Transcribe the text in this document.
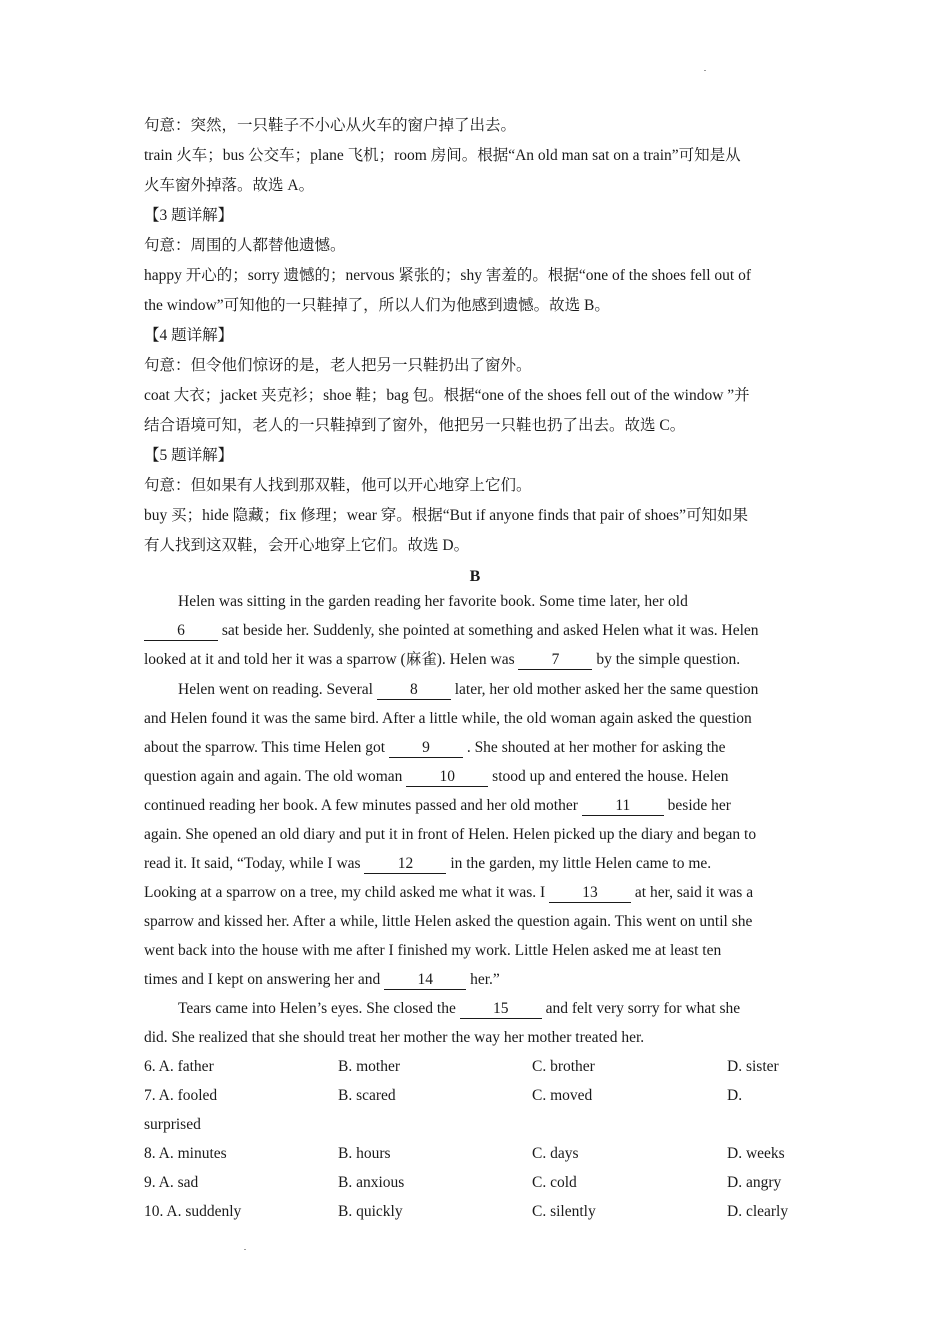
句意：突然，一只鞋子不小心从火车的窗户掉了出去。
train 火车；bus 公交车；plane 飞机；room 房间。根据“An old man sat on a train”可知是从
火车窗外掉落。故选 A。
【3 题详解】
句意：周围的人都替他遗憾。
happy 开心的；sorry 遗憾的；nervous 紧张的；shy 害羞的。根据“one of the shoes fell out of
the window”可知他的一只鞋掉了，所以人们为他感到遗憾。故选 B。
【4 题详解】
句意：但令他们惊讶的是，老人把另一只鞋扔出了窗外。
coat 大衣；jacket 夹克衫；shoe 鞋；bag 包。根据“one of the shoes fell out of the window ”并
结合语境可知，老人的一只鞋掉到了窗外，他把另一只鞋也扔了出去。故选 C。
【5 题详解】
句意：但如果有人找到那双鞋，他可以开心地穿上它们。
buy 买；hide 隐藏；fix 修理；wear 穿。根据“But if anyone finds that pair of shoes”可知如果
有人找到这双鞋，会开心地穿上它们。故选 D。
B
Helen was sitting in the garden reading her favorite book. Some time later, her old
6 sat beside her. Suddenly, she pointed at something and asked Helen what it was. Helen
looked at it and told her it was a sparrow (麻雀). Helen was 7 by the simple question.
Helen went on reading. Several 8 later, her old mother asked her the same question
and Helen found it was the same bird. After a little while, the old woman again asked the question
about the sparrow. This time Helen got 9 . She shouted at her mother for asking the
question again and again. The old woman 10 stood up and entered the house. Helen
continued reading her book. A few minutes passed and her old mother 11 beside her
again. She opened an old diary and put it in front of Helen. Helen picked up the diary and began to
read it. It said, “Today, while I was 12 in the garden, my little Helen came to me.
Looking at a sparrow on a tree, my child asked me what it was. I 13 at her, said it was a
sparrow and kissed her. After a while, little Helen asked the question again. This went on until she
went back into the house with me after I finished my work. Little Helen asked me at least ten
times and I kept on answering her and 14 her.”
Tears came into Helen’s eyes. She closed the 15 and felt very sorry for what she
did. She realized that she should treat her mother the way her mother treated her.
6. A. father	B. mother	C. brother	D. sister
7. A. fooled	B. scared	C. moved	D.
surprised
8. A. minutes	B. hours	C. days	D. weeks
9. A. sad	B. anxious	C. cold	D. angry
10. A. suddenly	B. quickly	C. silently	D. clearly
